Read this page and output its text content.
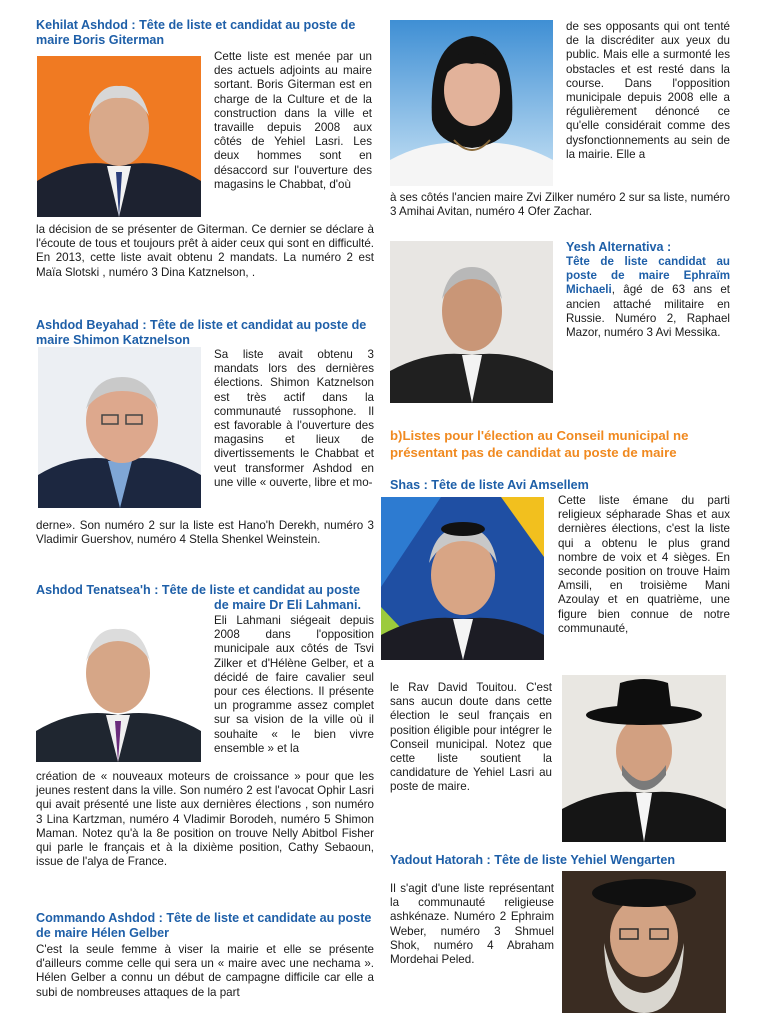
Kehilat Ashdod : Tête de liste et candidat au poste de maire Boris Giterman

Cette liste est menée par un des actuels adjoints au maire sortant. Boris Giterman est en charge de la Culture et de la construction dans la ville et travaille depuis 2008 aux côtés de Yehiel Lasri. Les deux hommes sont en désaccord sur l'ouverture des magasins le Chabbat, d'où

la décision de se présenter de Giterman. Ce dernier se déclare à l'écoute de tous et toujours prêt à aider ceux qui sont en difficulté. En 2013, cette liste avait obtenu 2 mandats. La numéro 2 est Maïa Slotski , numéro 3 Dina Katznelson, .

Ashdod Beyahad : Tête de liste et candidat au poste de maire Shimon Katznelson

Sa liste avait obtenu 3 mandats lors des dernières élections. Shimon Katznelson est très actif dans la communauté russophone. Il est favorable à l'ouverture des magasins et lieux de divertissements le Chabbat et veut transformer Ashdod en une ville « ouverte, libre et mo-

derne». Son numéro 2 sur la liste est Hano'h Derekh, numéro 3 Vladimir Guershov, numéro 4 Stella Shenkel Weinstein.

Ashdod Tenatsea'h : Tête de liste et candidat au poste

de maire Dr Eli Lahmani.

Eli Lahmani siégeait depuis 2008 dans l'opposition municipale aux côtés de Tsvi Zilker et d'Hélène Gelber, et a décidé de faire cavalier seul pour ces élections. Il présente un programme assez complet sur sa vision de la ville où il souhaite « le bien vivre ensemble » et la

création de « nouveaux moteurs de croissance » pour que les jeunes restent dans la ville. Son numéro 2 est l'avocat Ophir Lasri qui avait présenté une liste aux dernières élections , son numéro 3 Lina Kartzman, numéro 4 Vladimir Borodeh, numéro 5 Shimon Maman. Notez qu'à la 8e position on trouve Nelly Abitbol Fisher qui parle le français et à la dixième position, Cathy Sebaoun, issue de l'alya de France.

Commando Ashdod : Tête de liste et candidate au poste de maire Hélen Gelber

C'est la seule femme à viser la mairie et elle se présente d'ailleurs comme celle qui sera un « maire avec une nechama ». Hélen Gelber a connu un début de campagne difficile car elle a subi de nombreuses attaques de la part

de ses opposants qui ont tenté de la discréditer aux yeux du public. Mais elle a surmonté les obstacles et est resté dans la course. Dans l'opposition municipale depuis 2008 elle a régulièrement dénoncé ce qu'elle considérait comme des dysfonctionnements au sein de la mairie. Elle a

à ses côtés l'ancien maire Zvi Zilker numéro 2 sur sa liste, numéro 3 Amihai Avitan, numéro 4 Ofer Zachar.

Yesh Alternativa :

Tête de liste candidat au poste de maire Ephraïm Michaeli, âgé de 63 ans et ancien attaché militaire en Russie. Numéro 2, Raphael Mazor, numéro 3 Avi Messika.

b)Listes pour l'élection au Conseil municipal ne présentant pas de candidat au poste de maire

Shas : Tête de liste Avi Amsellem

Cette liste émane du parti religieux sépharade Shas et aux dernières élections, c'est la liste qui a obtenu le plus grand nombre de voix et 4 sièges. En seconde position on trouve Haim Amsili, en troisième Mani Azoulay et en quatrième, une figure bien connue de notre communauté,

le Rav David Touitou. C'est sans aucun doute dans cette élection le seul français en position éligible pour intégrer le Conseil municipal. Notez que cette liste soutient la candidature de Yehiel Lasri au poste de maire.

Yadout Hatorah : Tête de liste Yehiel Wengarten

Il s'agit d'une liste représentant la communauté religieuse ashkénaze. Numéro 2 Ephraim Weber, numéro 3 Shmuel Shok, numéro 4 Abraham Mordehai Peled.
